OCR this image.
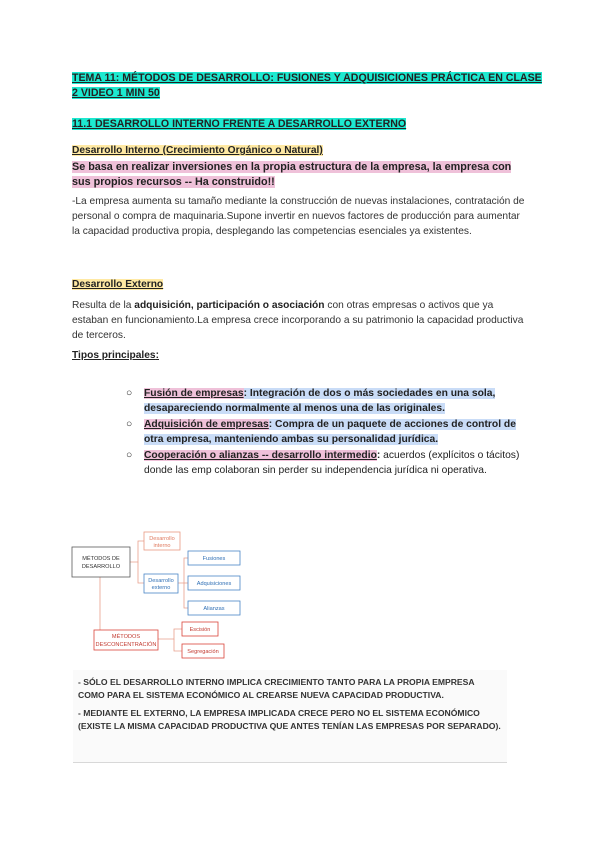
TEMA 11: MÉTODOS DE DESARROLLO: FUSIONES Y ADQUISICIONES PRÁCTICA EN CLASE 2 VIDEO 1 MIN 50
11.1 DESARROLLO INTERNO FRENTE A DESARROLLO EXTERNO
Desarrollo Interno (Crecimiento Orgánico o Natural)
Se basa en realizar inversiones en la propia estructura de la empresa, la empresa con sus propios recursos -- Ha construido!!
-La empresa aumenta su tamaño mediante la construcción de nuevas instalaciones, contratación de personal o compra de maquinaria.Supone invertir en nuevos factores de producción para aumentar la capacidad productiva propia, desplegando las competencias esenciales ya existentes.
Desarrollo Externo
Resulta de la adquisición, participación o asociación con otras empresas o activos que ya estaban en funcionamiento.La empresa crece incorporando a su patrimonio la capacidad productiva de terceros.
Tipos principales:
○ Fusión de empresas: Integración de dos o más sociedades en una sola, desapareciendo normalmente al menos una de las originales.
○ Adquisición de empresas: Compra de un paquete de acciones de control de otra empresa, manteniendo ambas su personalidad jurídica.
○ Cooperación o alianzas -- desarrollo intermedio: acuerdos (explícitos o tácitos) donde las emp colaboran sin perder su independencia jurídica ni operativa.
MÉTODOS DE
DESARROLLO
Desarrollo
interno
Desarrollo
externo
Fusiones
Adquisiciones
Alianzas
MÉTODOS
DESCONCENTRACIÓN
Escisión
Segregación
- SÓLO EL DESARROLLO INTERNO IMPLICA CRECIMIENTO TANTO PARA LA PROPIA EMPRESA COMO PARA EL SISTEMA ECONÓMICO AL CREARSE NUEVA CAPACIDAD PRODUCTIVA.
- MEDIANTE EL EXTERNO, LA EMPRESA IMPLICADA CRECE PERO NO EL SISTEMA ECONÓMICO (EXISTE LA MISMA CAPACIDAD PRODUCTIVA QUE ANTES TENÍAN LAS EMPRESAS POR SEPARADO).
